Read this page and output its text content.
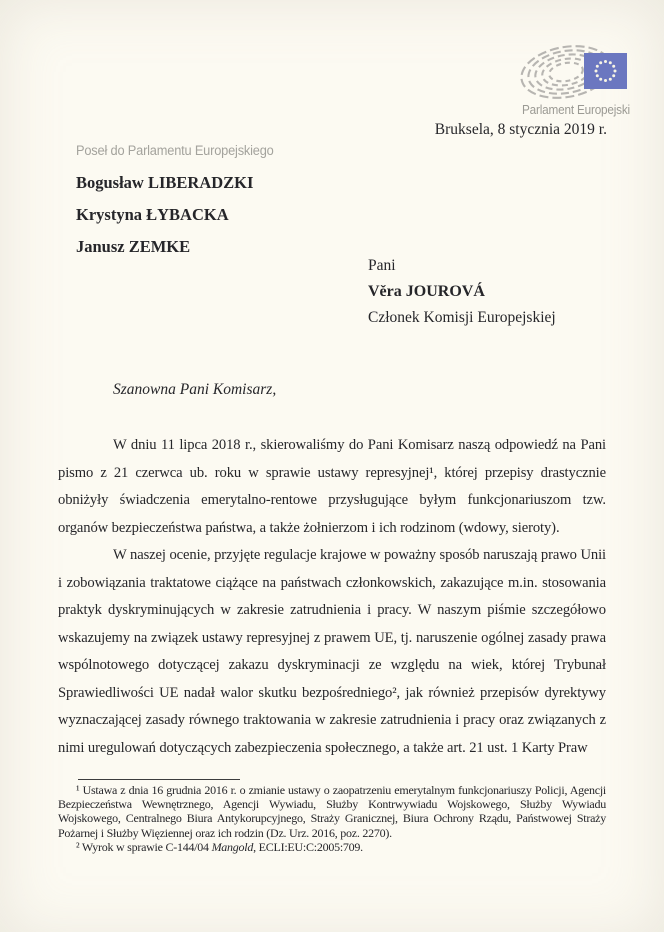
Parlament Europejski
Bruksela, 8 stycznia 2019 r.
Poseł do Parlamentu Europejskiego
Bogusław LIBERADZKI
Krystyna ŁYBACKA
Janusz ZEMKE
Pani
Věra JOUROVÁ
Członek Komisji Europejskiej
Szanowna Pani Komisarz,

W dniu 11 lipca 2018 r., skierowaliśmy do Pani Komisarz naszą odpowiedź na Pani pismo z 21 czerwca ub. roku w sprawie ustawy represyjnej¹, której przepisy drastycznie obniżyły świadczenia emerytalno-rentowe przysługujące byłym funkcjonariuszom tzw. organów bezpieczeństwa państwa, a także żołnierzom i ich rodzinom (wdowy, sieroty).

W naszej ocenie, przyjęte regulacje krajowe w poważny sposób naruszają prawo Unii i zobowiązania traktatowe ciążące na państwach członkowskich, zakazujące m.in. stosowania praktyk dyskryminujących w zakresie zatrudnienia i pracy. W naszym piśmie szczegółowo wskazujemy na związek ustawy represyjnej z prawem UE, tj. naruszenie ogólnej zasady prawa wspólnotowego dotyczącej zakazu dyskryminacji ze względu na wiek, której Trybunał Sprawiedliwości UE nadał walor skutku bezpośredniego², jak również przepisów dyrektywy wyznaczającej zasady równego traktowania w zakresie zatrudnienia i pracy oraz związanych z nimi uregulowań dotyczących zabezpieczenia społecznego, a także art. 21 ust. 1 Karty Praw

¹ Ustawa z dnia 16 grudnia 2016 r. o zmianie ustawy o zaopatrzeniu emerytalnym funkcjonariuszy Policji, Agencji Bezpieczeństwa Wewnętrznego, Agencji Wywiadu, Służby Kontrwywiadu Wojskowego, Służby Wywiadu Wojskowego, Centralnego Biura Antykorupcyjnego, Straży Granicznej, Biura Ochrony Rządu, Państwowej Straży Pożarnej i Służby Więziennej oraz ich rodzin (Dz. Urz. 2016, poz. 2270).

² Wyrok w sprawie C-144/04 Mangold, ECLI:EU:C:2005:709.
